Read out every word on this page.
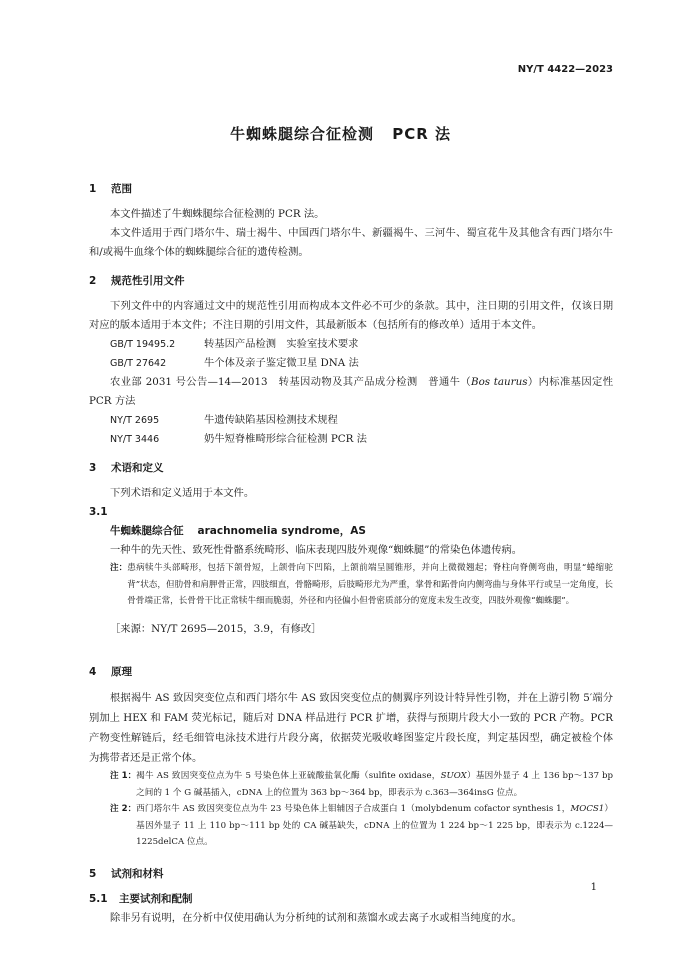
NY/T 4422—2023
牛蜘蛛腿综合征检测 PCR 法
1 范围

本文件描述了牛蜘蛛腿综合征检测的 PCR 法。

本文件适用于西门塔尔牛、瑞士褐牛、中国西门塔尔牛、新疆褐牛、三河牛、蜀宣花牛及其他含有西门塔尔牛和/或褐牛血缘个体的蜘蛛腿综合征的遗传检测。

2 规范性引用文件

下列文件中的内容通过文中的规范性引用而构成本文件必不可少的条款。其中，注日期的引用文件，仅该日期对应的版本适用于本文件；不注日期的引用文件，其最新版本（包括所有的修改单）适用于本文件。

GB/T 19495.2	转基因产品检测　实验室技术要求

GB/T 27642	牛个体及亲子鉴定微卫星 DNA 法

农业部 2031 号公告—14—2013　转基因动物及其产品成分检测　普通牛（Bos taurus）内标准基因定性 PCR 方法

NY/T 2695	牛遗传缺陷基因检测技术规程

NY/T 3446	奶牛短脊椎畸形综合征检测 PCR 法

3 术语和定义

下列术语和定义适用于本文件。

3.1
牛蜘蛛腿综合征 arachnomelia syndrome，AS

一种牛的先天性、致死性骨骼系统畸形、临床表现四肢外观像“蜘蛛腿”的常染色体遗传病。

注： 患病犊牛头部畸形，包括下颌骨短，上颌骨向下凹陷，上颌前端呈圆锥形，并向上微微翘起；脊柱向脊侧弯曲，明显“蜷缩驼背”状态，但肋骨和肩胛骨正常，四肢细直，骨骼畸形，后肢畸形尤为严重，掌骨和跖骨向内侧弯曲与身体平行或呈一定角度，长骨骨端正常，长骨骨干比正常犊牛细而脆弱，外径和内径偏小但骨密质部分的宽度未发生改变，四肢外观像“蜘蛛腿”。

［来源：NY/T 2695—2015，3.9，有修改］

4 原理

根据褐牛 AS 致因突变位点和西门塔尔牛 AS 致因突变位点的侧翼序列设计特异性引物，并在上游引物 5′端分别加上 HEX 和 FAM 荧光标记，随后对 DNA 样品进行 PCR 扩增，获得与预期片段大小一致的 PCR 产物。PCR 产物变性解链后，经毛细管电泳技术进行片段分离，依据荧光吸收峰图鉴定片段长度，判定基因型，确定被检个体为携带者还是正常个体。

注 1： 褐牛 AS 致因突变位点为牛 5 号染色体上亚硫酸盐氧化酶（sulfite oxidase，SUOX）基因外显子 4 上 136 bp～137 bp 之间的 1 个 G 碱基插入，cDNA 上的位置为 363 bp～364 bp，即表示为 c.363—364insG 位点。
注 2： 西门塔尔牛 AS 致因突变位点为牛 23 号染色体上钼辅因子合成蛋白 1（molybdenum cofactor synthesis 1，MOCS1）基因外显子 11 上 110 bp～111 bp 处的 CA 碱基缺失，cDNA 上的位置为 1 224 bp～1 225 bp，即表示为 c.1224—1225delCA 位点。
5 试剂和材料
5.1 主要试剂和配制

除非另有说明，在分析中仅使用确认为分析纯的试剂和蒸馏水或去离子水或相当纯度的水。

1
